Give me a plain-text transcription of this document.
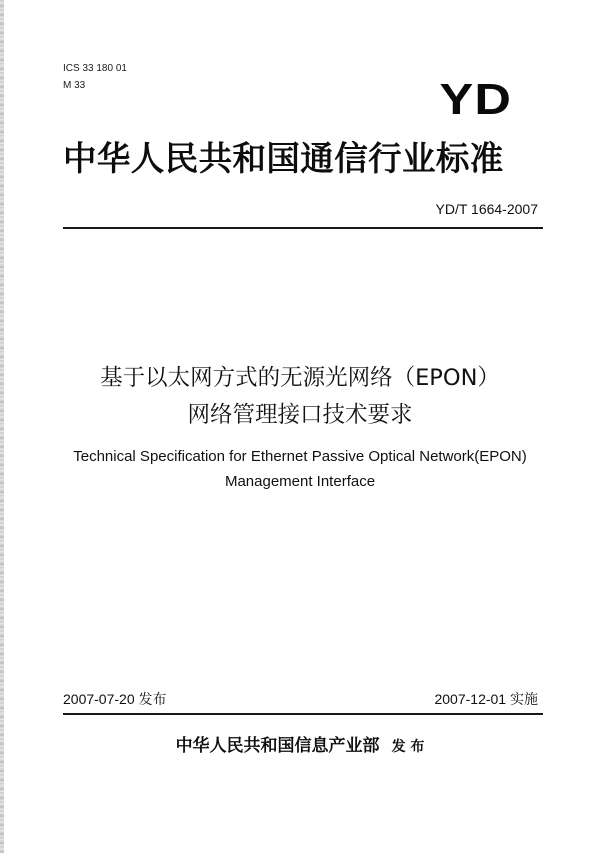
ICS 33 180 01
M 33	YD
中华人民共和国通信行业标准
YD/T 1664-2007
基于以太网方式的无源光网络（EPON）
网络管理接口技术要求
Technical Specification for Ethernet Passive Optical Network(EPON)
Management Interface
2007-07-20 发布	2007-12-01 实施
中华人民共和国信息产业部 发 布
